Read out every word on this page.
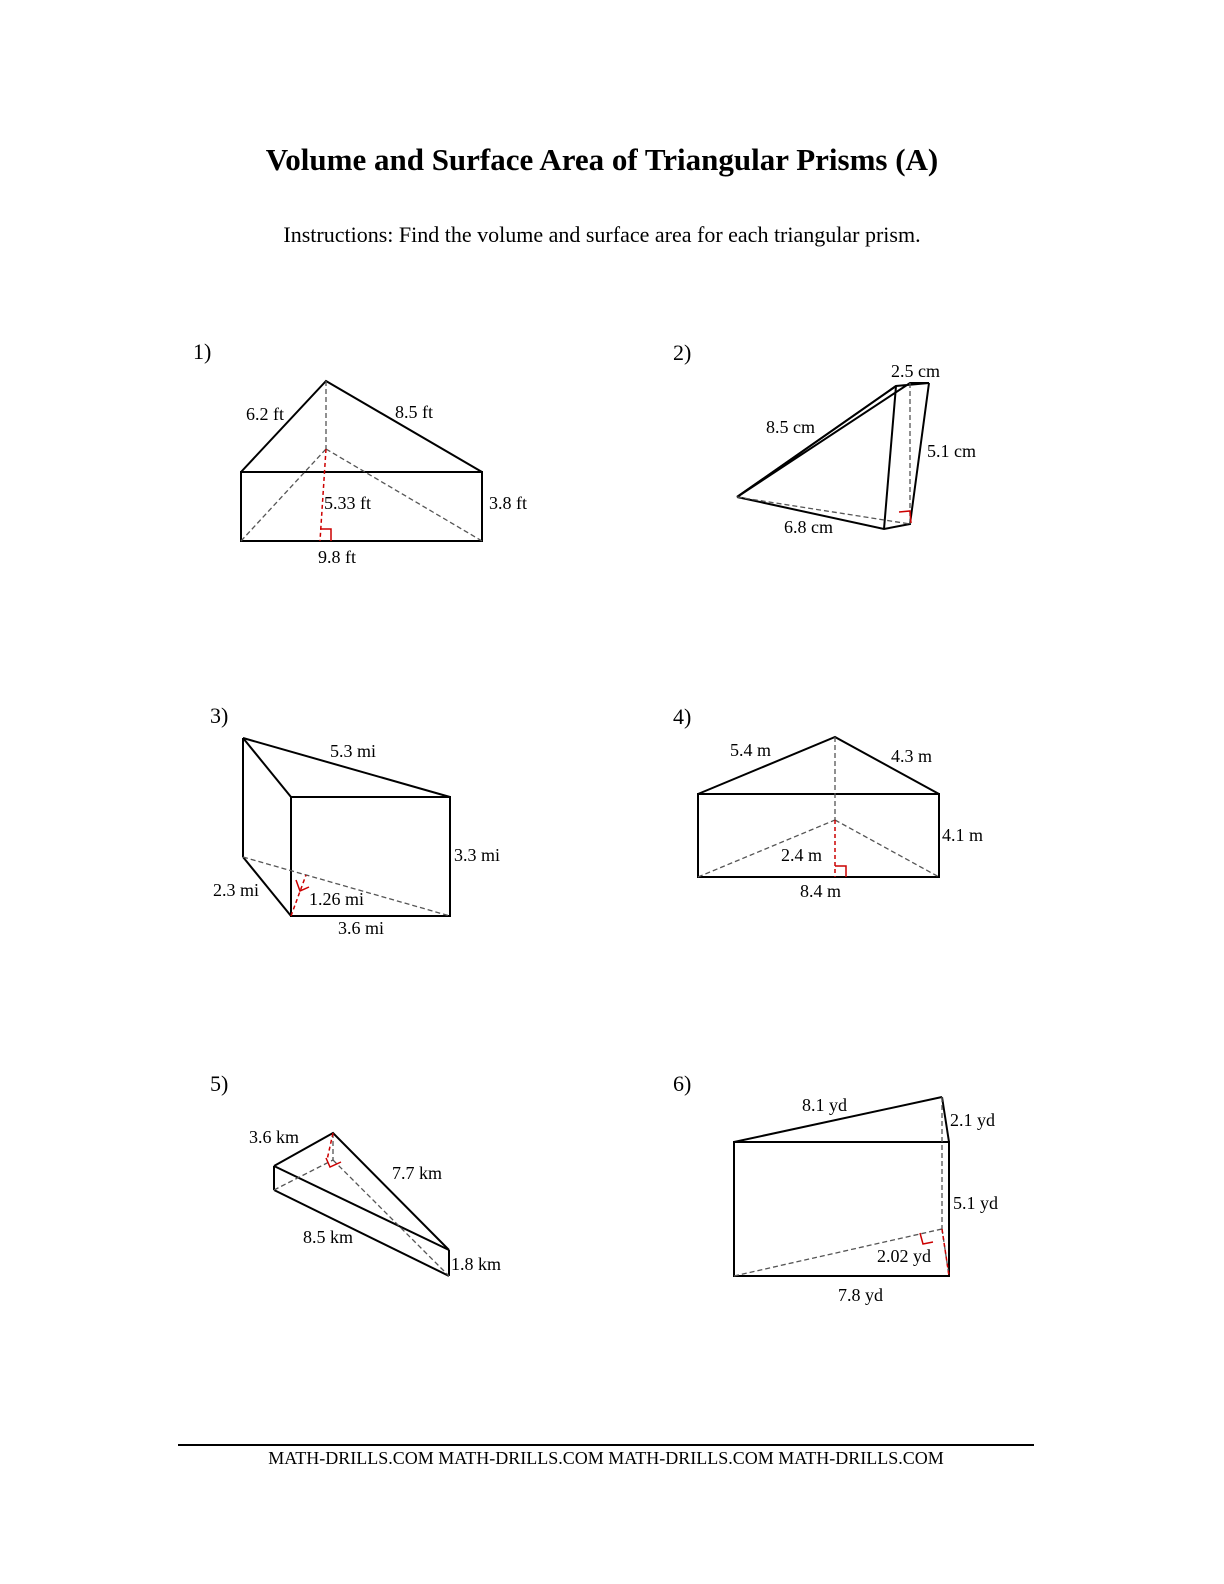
Volume and Surface Area of Triangular Prisms (A)
Instructions: Find the volume and surface area for each triangular prism.
1)	2)
3)	4)
5)	6)
6.2 ft	8.5 ft
5.33 ft	3.8 ft
9.8 ft
2.5 cm
8.5 cm
5.1 cm
6.8 cm
5.3 mi
3.3 mi
2.3 mi	1.26 mi
3.6 mi
5.4 m	4.3 m
4.1 m
2.4 m
8.4 m
3.6 km
7.7 km
8.5 km
1.8 km
8.1 yd
2.1 yd
5.1 yd
2.02 yd
7.8 yd
MATH-DRILLS.COM MATH-DRILLS.COM MATH-DRILLS.COM MATH-DRILLS.COM
